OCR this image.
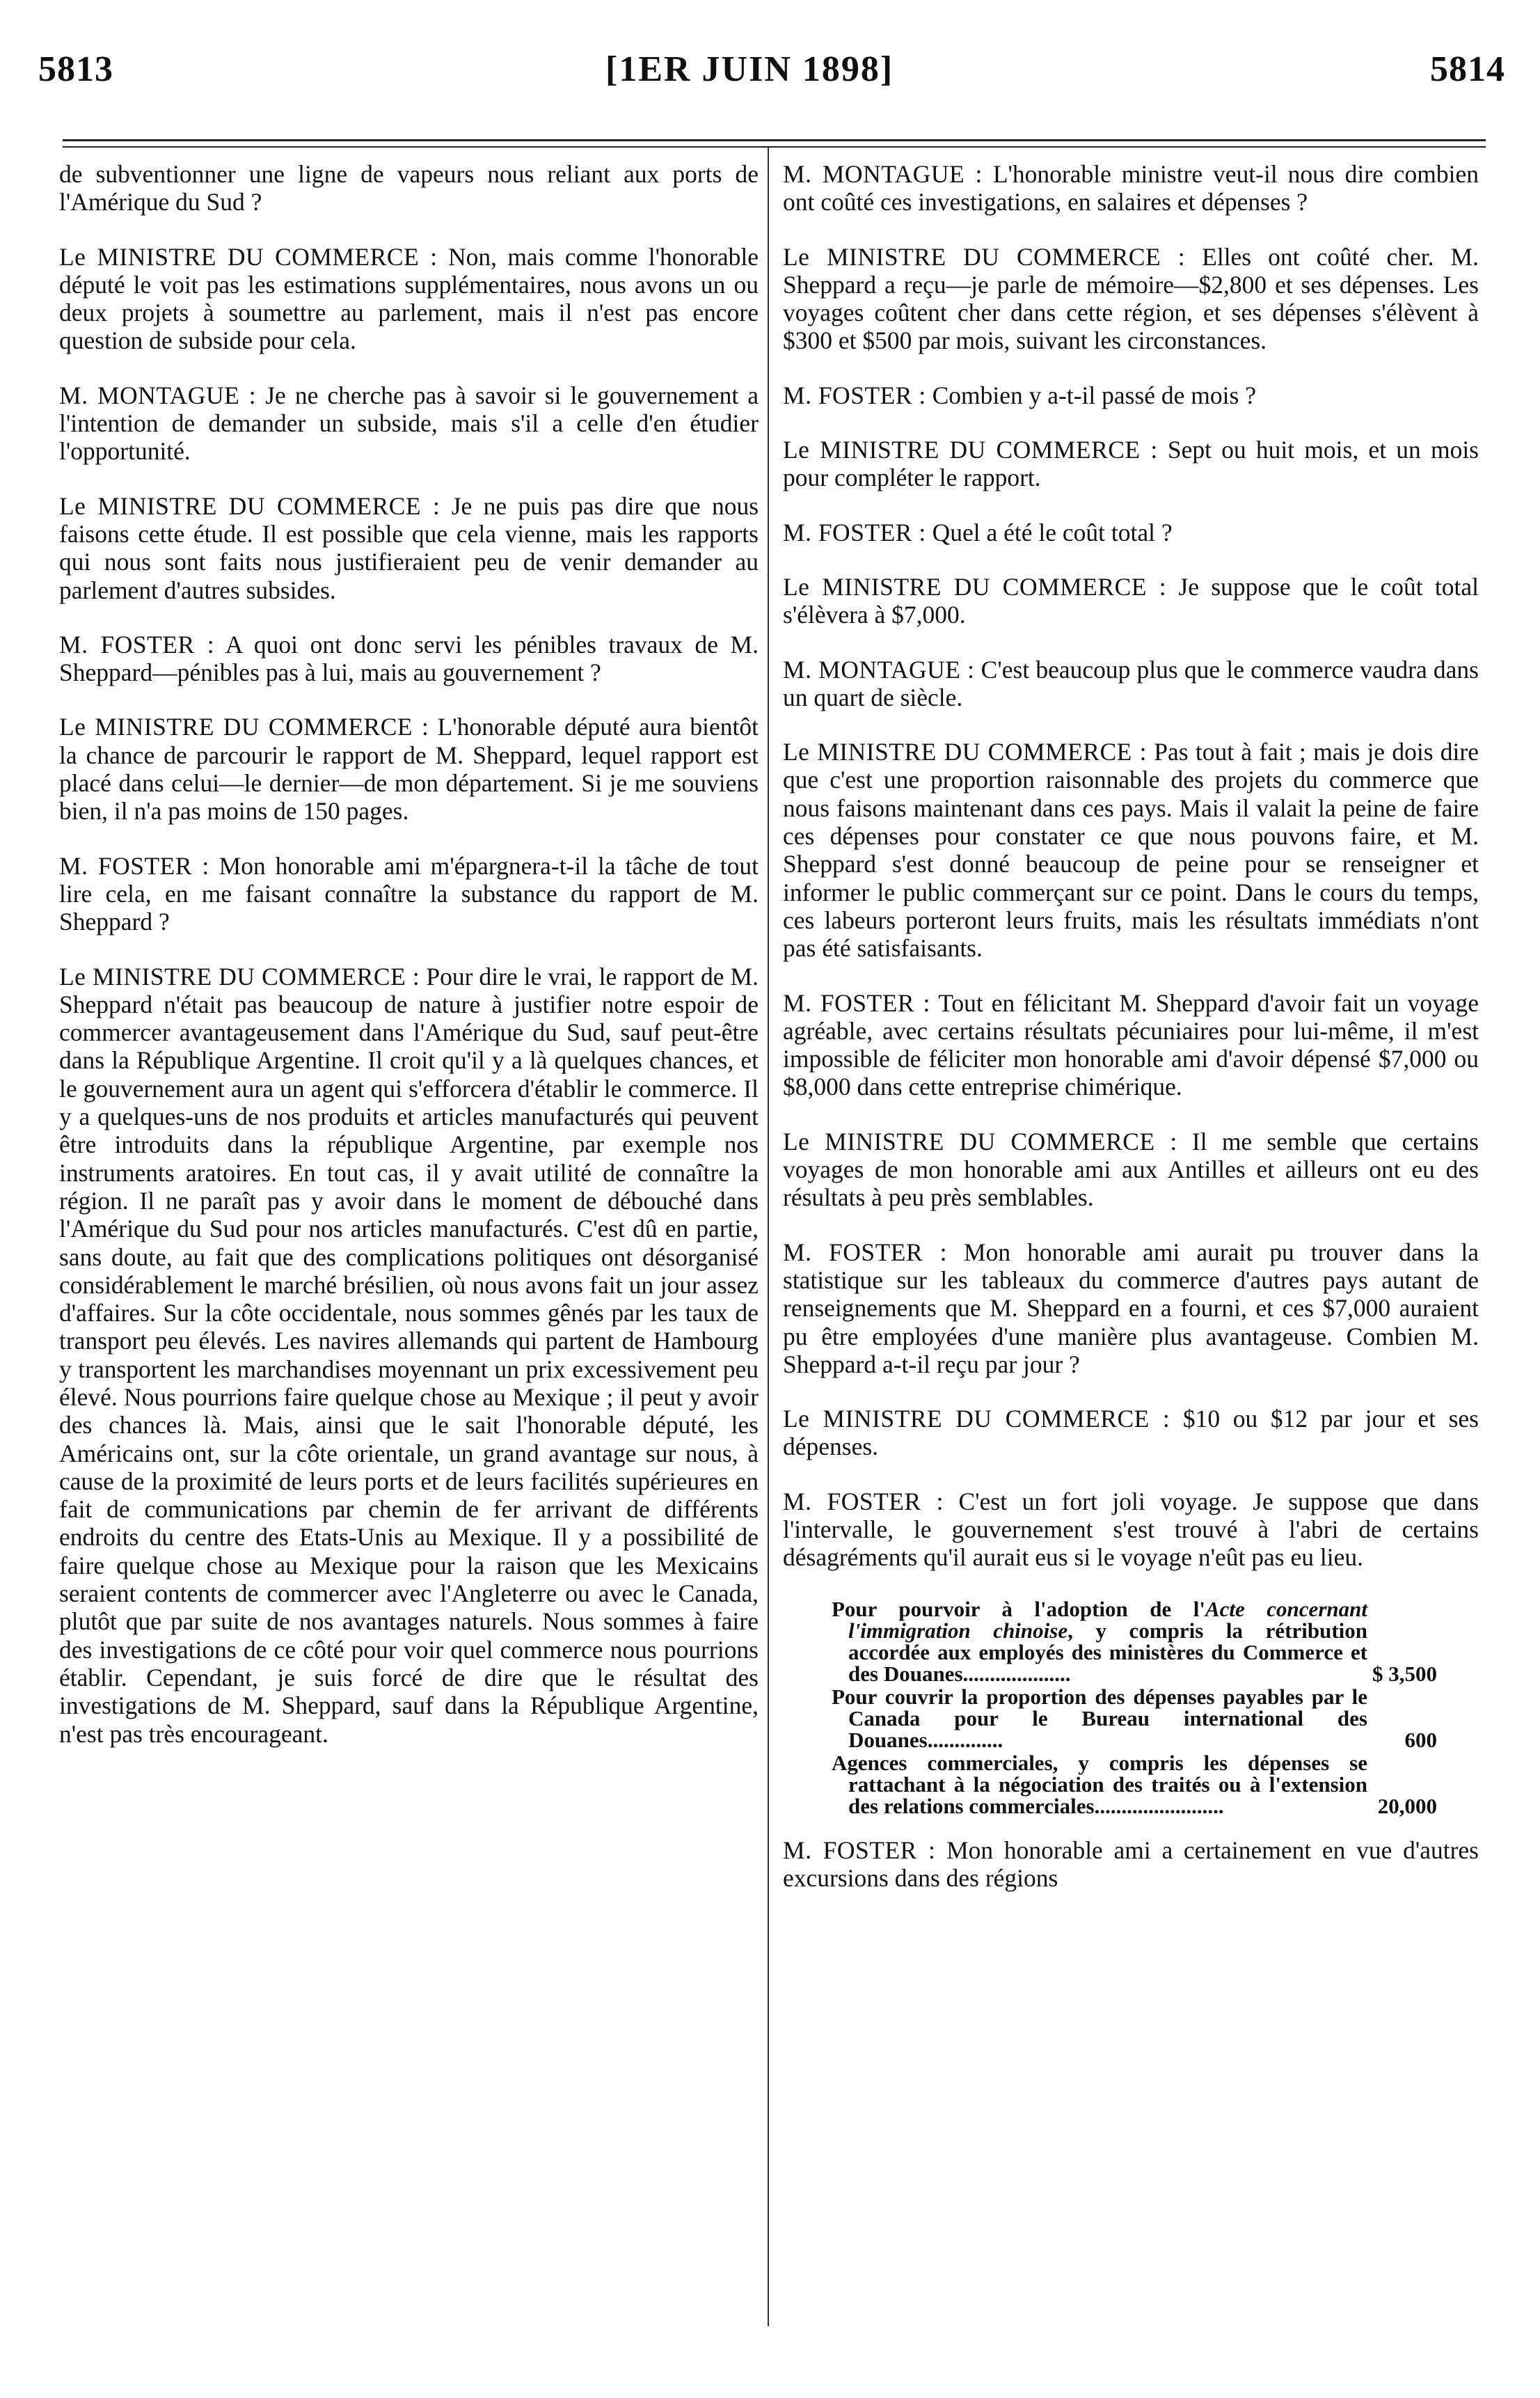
5813	[1ER JUIN 1898]	5814

de subventionner une ligne de vapeurs nous reliant aux ports de l'Amérique du Sud ?

Le MINISTRE DU COMMERCE : Non, mais comme l'honorable député le voit pas les estimations supplémentaires, nous avons un ou deux projets à soumettre au parlement, mais il n'est pas encore question de subside pour cela.

M. MONTAGUE : Je ne cherche pas à savoir si le gouvernement a l'intention de demander un subside, mais s'il a celle d'en étudier l'opportunité.

Le MINISTRE DU COMMERCE : Je ne puis pas dire que nous faisons cette étude. Il est possible que cela vienne, mais les rapports qui nous sont faits nous justifieraient peu de venir demander au parlement d'autres subsides.

M. FOSTER : A quoi ont donc servi les pénibles travaux de M. Sheppard—pénibles pas à lui, mais au gouvernement ?

Le MINISTRE DU COMMERCE : L'honorable député aura bientôt la chance de parcourir le rapport de M. Sheppard, lequel rapport est placé dans celui—le dernier—de mon département. Si je me souviens bien, il n'a pas moins de 150 pages.

M. FOSTER : Mon honorable ami m'épargnera-t-il la tâche de tout lire cela, en me faisant connaître la substance du rapport de M. Sheppard ?

Le MINISTRE DU COMMERCE : Pour dire le vrai, le rapport de M. Sheppard n'était pas beaucoup de nature à justifier notre espoir de commercer avantageusement dans l'Amérique du Sud, sauf peut-être dans la République Argentine. Il croit qu'il y a là quelques chances, et le gouvernement aura un agent qui s'efforcera d'établir le commerce. Il y a quelques-uns de nos produits et articles manufacturés qui peuvent être introduits dans la république Argentine, par exemple nos instruments aratoires. En tout cas, il y avait utilité de connaître la région. Il ne paraît pas y avoir dans le moment de débouché dans l'Amérique du Sud pour nos articles manufacturés. C'est dû en partie, sans doute, au fait que des complications politiques ont désorganisé considérablement le marché brésilien, où nous avons fait un jour assez d'affaires. Sur la côte occidentale, nous sommes gênés par les taux de transport peu élevés. Les navires allemands qui partent de Hambourg y transportent les marchandises moyennant un prix excessivement peu élevé. Nous pourrions faire quelque chose au Mexique ; il peut y avoir des chances là. Mais, ainsi que le sait l'honorable député, les Américains ont, sur la côte orientale, un grand avantage sur nous, à cause de la proximité de leurs ports et de leurs facilités supérieures en fait de communications par chemin de fer arrivant de différents endroits du centre des Etats-Unis au Mexique. Il y a possibilité de faire quelque chose au Mexique pour la raison que les Mexicains seraient contents de commercer avec l'Angleterre ou avec le Canada, plutôt que par suite de nos avantages naturels. Nous sommes à faire des investigations de ce côté pour voir quel commerce nous pourrions établir. Cependant, je suis forcé de dire que le résultat des investigations de M. Sheppard, sauf dans la République Argentine, n'est pas très encourageant.

M. MONTAGUE : L'honorable ministre veut-il nous dire combien ont coûté ces investigations, en salaires et dépenses ?

Le MINISTRE DU COMMERCE : Elles ont coûté cher. M. Sheppard a reçu—je parle de mémoire—$2,800 et ses dépenses. Les voyages coûtent cher dans cette région, et ses dépenses s'élèvent à $300 et $500 par mois, suivant les circonstances.

M. FOSTER : Combien y a-t-il passé de mois ?

Le MINISTRE DU COMMERCE : Sept ou huit mois, et un mois pour compléter le rapport.

M. FOSTER : Quel a été le coût total ?

Le MINISTRE DU COMMERCE : Je suppose que le coût total s'élèvera à $7,000.

M. MONTAGUE : C'est beaucoup plus que le commerce vaudra dans un quart de siècle.

Le MINISTRE DU COMMERCE : Pas tout à fait ; mais je dois dire que c'est une proportion raisonnable des projets du commerce que nous faisons maintenant dans ces pays. Mais il valait la peine de faire ces dépenses pour constater ce que nous pouvons faire, et M. Sheppard s'est donné beaucoup de peine pour se renseigner et informer le public commerçant sur ce point. Dans le cours du temps, ces labeurs porteront leurs fruits, mais les résultats immédiats n'ont pas été satisfaisants.

M. FOSTER : Tout en félicitant M. Sheppard d'avoir fait un voyage agréable, avec certains résultats pécuniaires pour lui-même, il m'est impossible de féliciter mon honorable ami d'avoir dépensé $7,000 ou $8,000 dans cette entreprise chimérique.

Le MINISTRE DU COMMERCE : Il me semble que certains voyages de mon honorable ami aux Antilles et ailleurs ont eu des résultats à peu près semblables.

M. FOSTER : Mon honorable ami aurait pu trouver dans la statistique sur les tableaux du commerce d'autres pays autant de renseignements que M. Sheppard en a fourni, et ces $7,000 auraient pu être employées d'une manière plus avantageuse. Combien M. Sheppard a-t-il reçu par jour ?

Le MINISTRE DU COMMERCE : $10 ou $12 par jour et ses dépenses.

M. FOSTER : C'est un fort joli voyage. Je suppose que dans l'intervalle, le gouvernement s'est trouvé à l'abri de certains désagréments qu'il aurait eus si le voyage n'eût pas eu lieu.

Pour pourvoir à l'adoption de l'Acte concernant l'immigration chinoise, y compris la rétribution accordée aux employés des ministères du Commerce et des Douanes....................	$ 3,500
Pour couvrir la proportion des dépenses payables par le Canada pour le Bureau international des Douanes..............	600
Agences commerciales, y compris les dépenses se rattachant à la négociation des traités ou à l'extension des relations commerciales........................	20,000

M. FOSTER : Mon honorable ami a certainement en vue d'autres excursions dans des régions
